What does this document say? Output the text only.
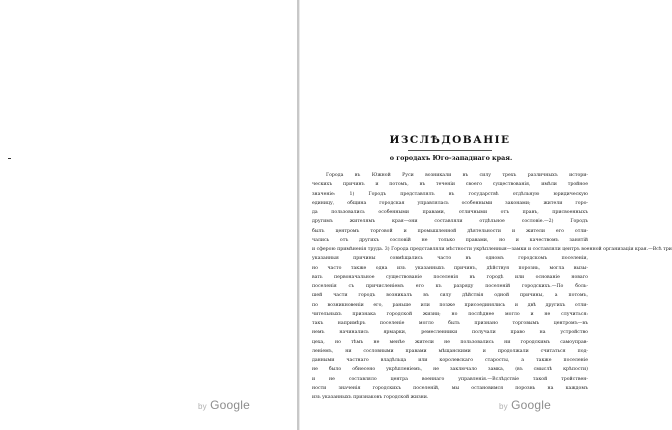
by Google	by Google
ИЗСЛѢДОВАНІЕ
о городахъ Юго-западнаго края.
Города въ Южной Руси возникали въ силу трехъ различныхъ истори-
ческихъ причинъ и потомъ, въ теченіи своего существованія, имѣли тройное
значеніе: 1) Городъ представлялъ въ государствѣ отдѣльную юридическую
единицу, община городская управлялась особенными законами; жители горо-
да пользовались особенными правами, отличными отъ правъ, присвоенныхъ
другимъ жителямъ края—они составляли отдѣльное сословіе.—2) Городъ
былъ центромъ торговой и промышленной дѣятельности и жители его отли-
чались отъ другихъ сословій не только правами, но и качествомъ занятій
и сферою примѣненія труда. 3) Города представляли мѣстности укрѣпленныя—замки и составляли центръ военной организаціи края.—Всѣ три
указанныя причины совмѣщались часто въ одномъ городскомъ поселеніи,
но часто также одна изъ указанныхъ причинъ, дѣйствуя порознь, могла вызы-
вать первоначальное существованіе поселенія въ городѣ или основаніе новаго
поселенія съ причисленіемъ его къ разряду поселеній городскихъ.—По боль-
шей части городъ возникалъ въ силу дѣйствія одной причины, а потомъ,
по возникновеніи его, раньше или позже присоединялись и двѣ другихъ отли-
чительныхъ признака городской жизни; но послѣднее могло и не случиться:
такъ напримѣръ поселеніе могло быть признано торговымъ центромъ—въ
немъ начинались ярмарки, ремесленники получали право на устройство
цеха, но тѣмъ не менѣе жители не пользовались ни городскимъ самоуправ-
леніемъ, ни сословными правами мѣщанскими и продолжали считаться под-
данными частнаго владѣльца или королевскаго старосты, а также поселеніе
не было обнесено укрѣпленіемъ, не заключало замка, (въ смыслѣ крѣпости)
и не составляло центра военнаго управленія.—Вслѣдствіе такой тройствен-
ности значенія городскихъ поселеній, мы остановимся порознь на каждомъ
изъ указанныхъ признаковъ городской жизни.
